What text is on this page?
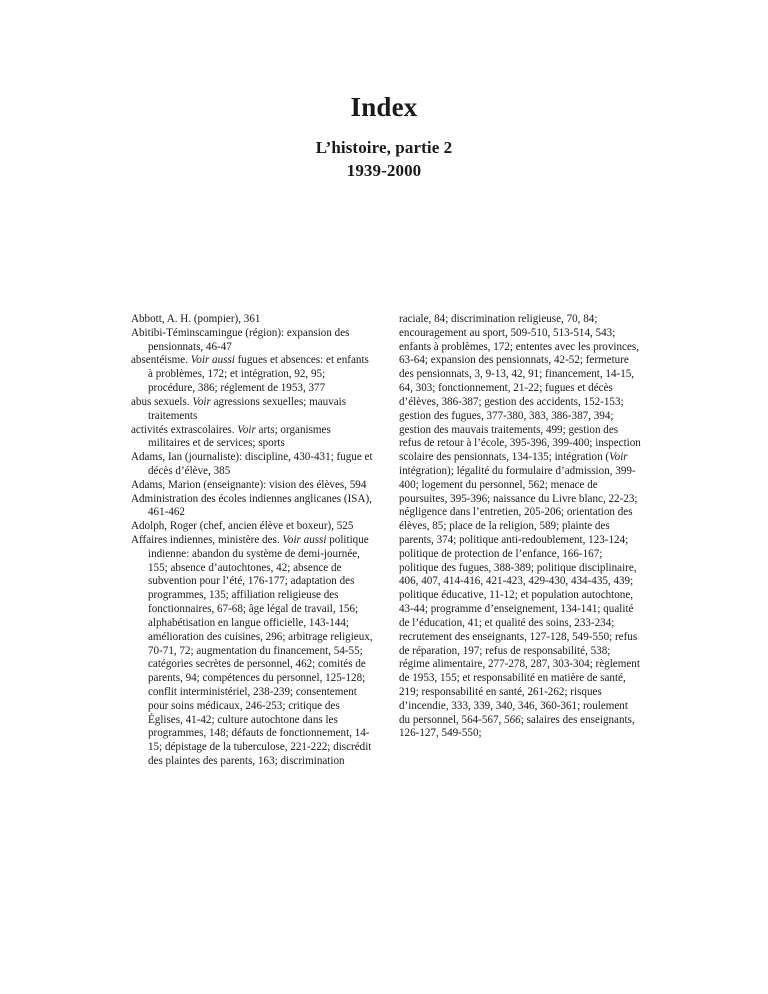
Index
L’histoire, partie 2
1939-2000

Abbott, A. H. (pompier), 361

Abitibi-Téminscamingue (région): expansion des pensionnats, 46-47

absentéisme. Voir aussi fugues et absences: et enfants à problèmes, 172; et intégration, 92, 95; procédure, 386; réglement de 1953, 377

abus sexuels. Voir agressions sexuelles; mauvais traitements

activités extrascolaires. Voir arts; organismes militaires et de services; sports

Adams, Ian (journaliste): discipline, 430-431; fugue et décès d’élève, 385

Adams, Marion (enseignante): vision des élèves, 594

Administration des écoles indiennes anglicanes (ISA), 461-462

Adolph, Roger (chef, ancien élève et boxeur), 525

Affaires indiennes, ministère des. Voir aussi politique indienne: abandon du système de demi-journée, 155; absence d’autochtones, 42; absence de subvention pour l’été, 176-177; adaptation des programmes, 135; affiliation religieuse des fonctionnaires, 67-68; âge légal de travail, 156; alphabétisation en langue officielle, 143-144; amélioration des cuisines, 296; arbitrage religieux, 70-71, 72; augmentation du financement, 54-55; catégories secrètes de personnel, 462; comités de parents, 94; compétences du personnel, 125-128; conflit interministériel, 238-239; consentement pour soins médicaux, 246-253; critique des Églises, 41-42; culture autochtone dans les programmes, 148; défauts de fonctionnement, 14-15; dépistage de la tuberculose, 221-222; discrédit des plaintes des parents, 163; discrimination

raciale, 84; discrimination religieuse, 70, 84; encouragement au sport, 509-510, 513-514, 543; enfants à problèmes, 172; ententes avec les provinces, 63-64; expansion des pensionnats, 42-52; fermeture des pensionnats, 3, 9-13, 42, 91; financement, 14-15, 64, 303; fonctionnement, 21-22; fugues et décès d’élèves, 386-387; gestion des accidents, 152-153; gestion des fugues, 377-380, 383, 386-387, 394; gestion des mauvais traitements, 499; gestion des refus de retour à l’école, 395-396, 399-400; inspection scolaire des pensionnats, 134-135; intégration (Voir intégration); légalité du formulaire d’admission, 399-400; logement du personnel, 562; menace de poursuites, 395-396; naissance du Livre blanc, 22-23; négligence dans l’entretien, 205-206; orientation des élèves, 85; place de la religion, 589; plainte des parents, 374; politique anti-redoublement, 123-124; politique de protection de l’enfance, 166-167; politique des fugues, 388-389; politique disciplinaire, 406, 407, 414-416, 421-423, 429-430, 434-435, 439; politique éducative, 11-12; et population autochtone, 43-44; programme d’enseignement, 134-141; qualité de l’éducation, 41; et qualité des soins, 233-234; recrutement des enseignants, 127-128, 549-550; refus de réparation, 197; refus de responsabilité, 538; régime alimentaire, 277-278, 287, 303-304; règlement de 1953, 155; et responsabilité en matière de santé, 219; responsabilité en santé, 261-262; risques d’incendie, 333, 339, 340, 346, 360-361; roulement du personnel, 564-567, 566; salaires des enseignants, 126-127, 549-550;
